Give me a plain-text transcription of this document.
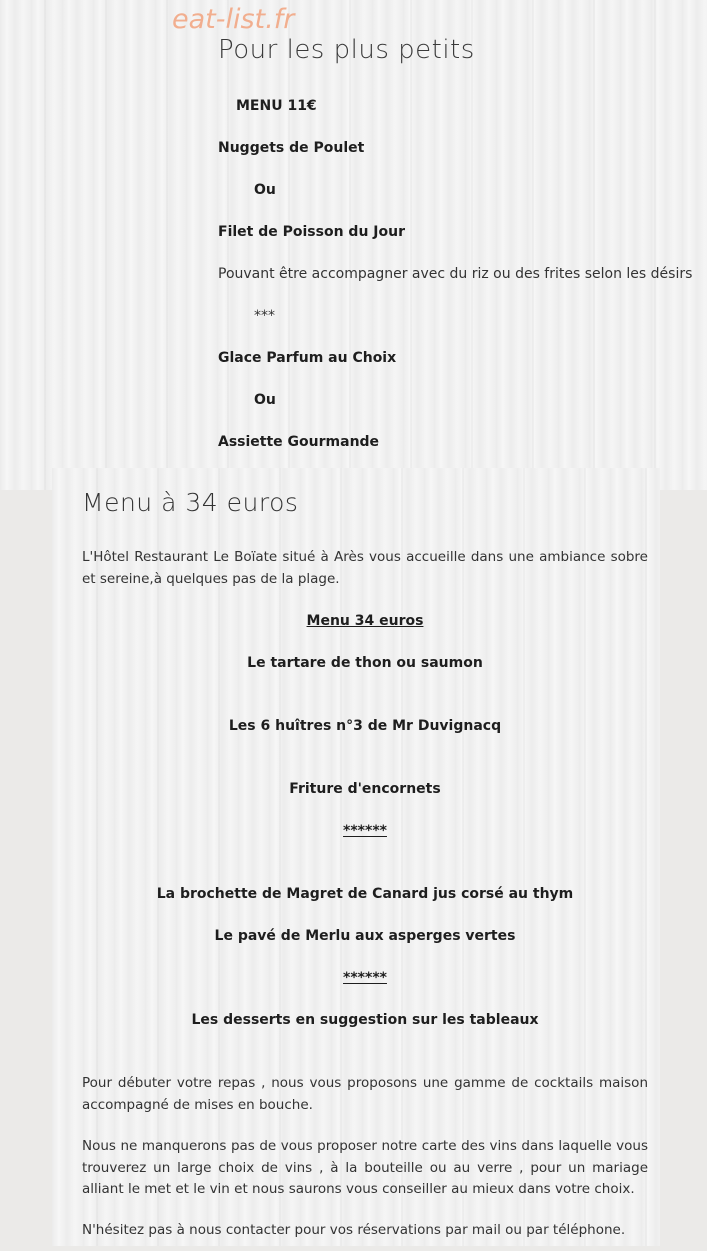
eat-list.fr
Pour les plus petits
MENU 11€
Nuggets de Poulet
Ou
Filet de Poisson du Jour
Pouvant être accompagner avec du riz ou des frites selon les désirs
***
Glace Parfum au Choix
Ou
Assiette Gourmande
Menu à 34 euros
L'Hôtel Restaurant Le Boïate situé à Arès vous accueille dans une ambiance sobre et sereine,à quelques pas de la plage.
Menu 34 euros
Le tartare de thon ou saumon
Les 6 huîtres n°3 de Mr Duvignacq
Friture d'encornets
******
La brochette de Magret de Canard jus corsé au thym
Le pavé de Merlu aux asperges vertes
******
Les desserts en suggestion sur les tableaux
Pour débuter votre repas , nous vous proposons une gamme de cocktails maison accompagné de mises en bouche.
Nous ne manquerons pas de vous proposer notre carte des vins dans laquelle vous trouverez un large choix de vins , à la bouteille ou au verre , pour un mariage alliant le met et le vin et nous saurons vous conseiller au mieux dans votre choix.
N'hésitez pas à nous contacter pour vos réservations par mail ou par téléphone.
